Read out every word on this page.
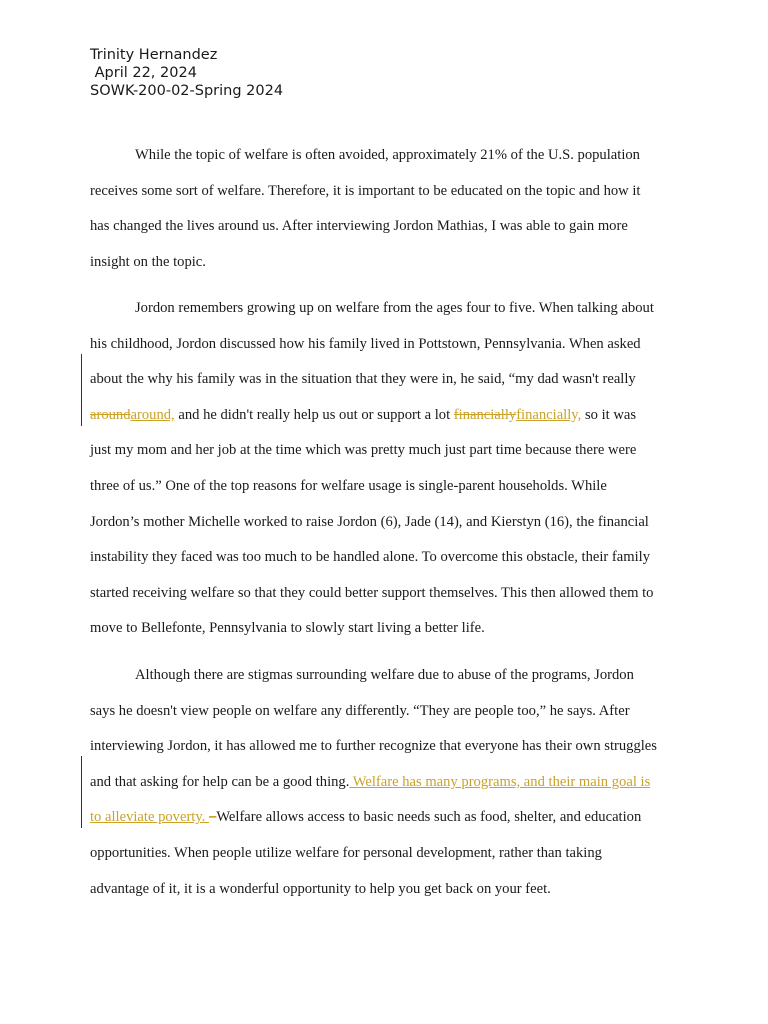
Trinity Hernandez
April 22, 2024
SOWK-200-02-Spring 2024
While the topic of welfare is often avoided, approximately 21% of the U.S. population
receives some sort of welfare. Therefore, it is important to be educated on the topic and how it
has changed the lives around us. After interviewing Jordon Mathias, I was able to gain more
insight on the topic.
Jordon remembers growing up on welfare from the ages four to five. When talking about
his childhood, Jordon discussed how his family lived in Pottstown, Pennsylvania. When asked
about the why his family was in the situation that they were in, he said, “my dad wasn't really
aroundaround, and he didn't really help us out or support a lot financiallyfinancially, so it was
just my mom and her job at the time which was pretty much just part time because there were
three of us.” One of the top reasons for welfare usage is single-parent households. While
Jordon’s mother Michelle worked to raise Jordon (6), Jade (14), and Kierstyn (16), the financial
instability they faced was too much to be handled alone. To overcome this obstacle, their family
started receiving welfare so that they could better support themselves. This then allowed them to
move to Bellefonte, Pennsylvania to slowly start living a better life.
Although there are stigmas surrounding welfare due to abuse of the programs, Jordon
says he doesn't view people on welfare any differently. “They are people too,” he says. After
interviewing Jordon, it has allowed me to further recognize that everyone has their own struggles
and that asking for help can be a good thing. Welfare has many programs, and their main goal is
to alleviate poverty. –Welfare allows access to basic needs such as food, shelter, and education
opportunities. When people utilize welfare for personal development, rather than taking
advantage of it, it is a wonderful opportunity to help you get back on your feet.
